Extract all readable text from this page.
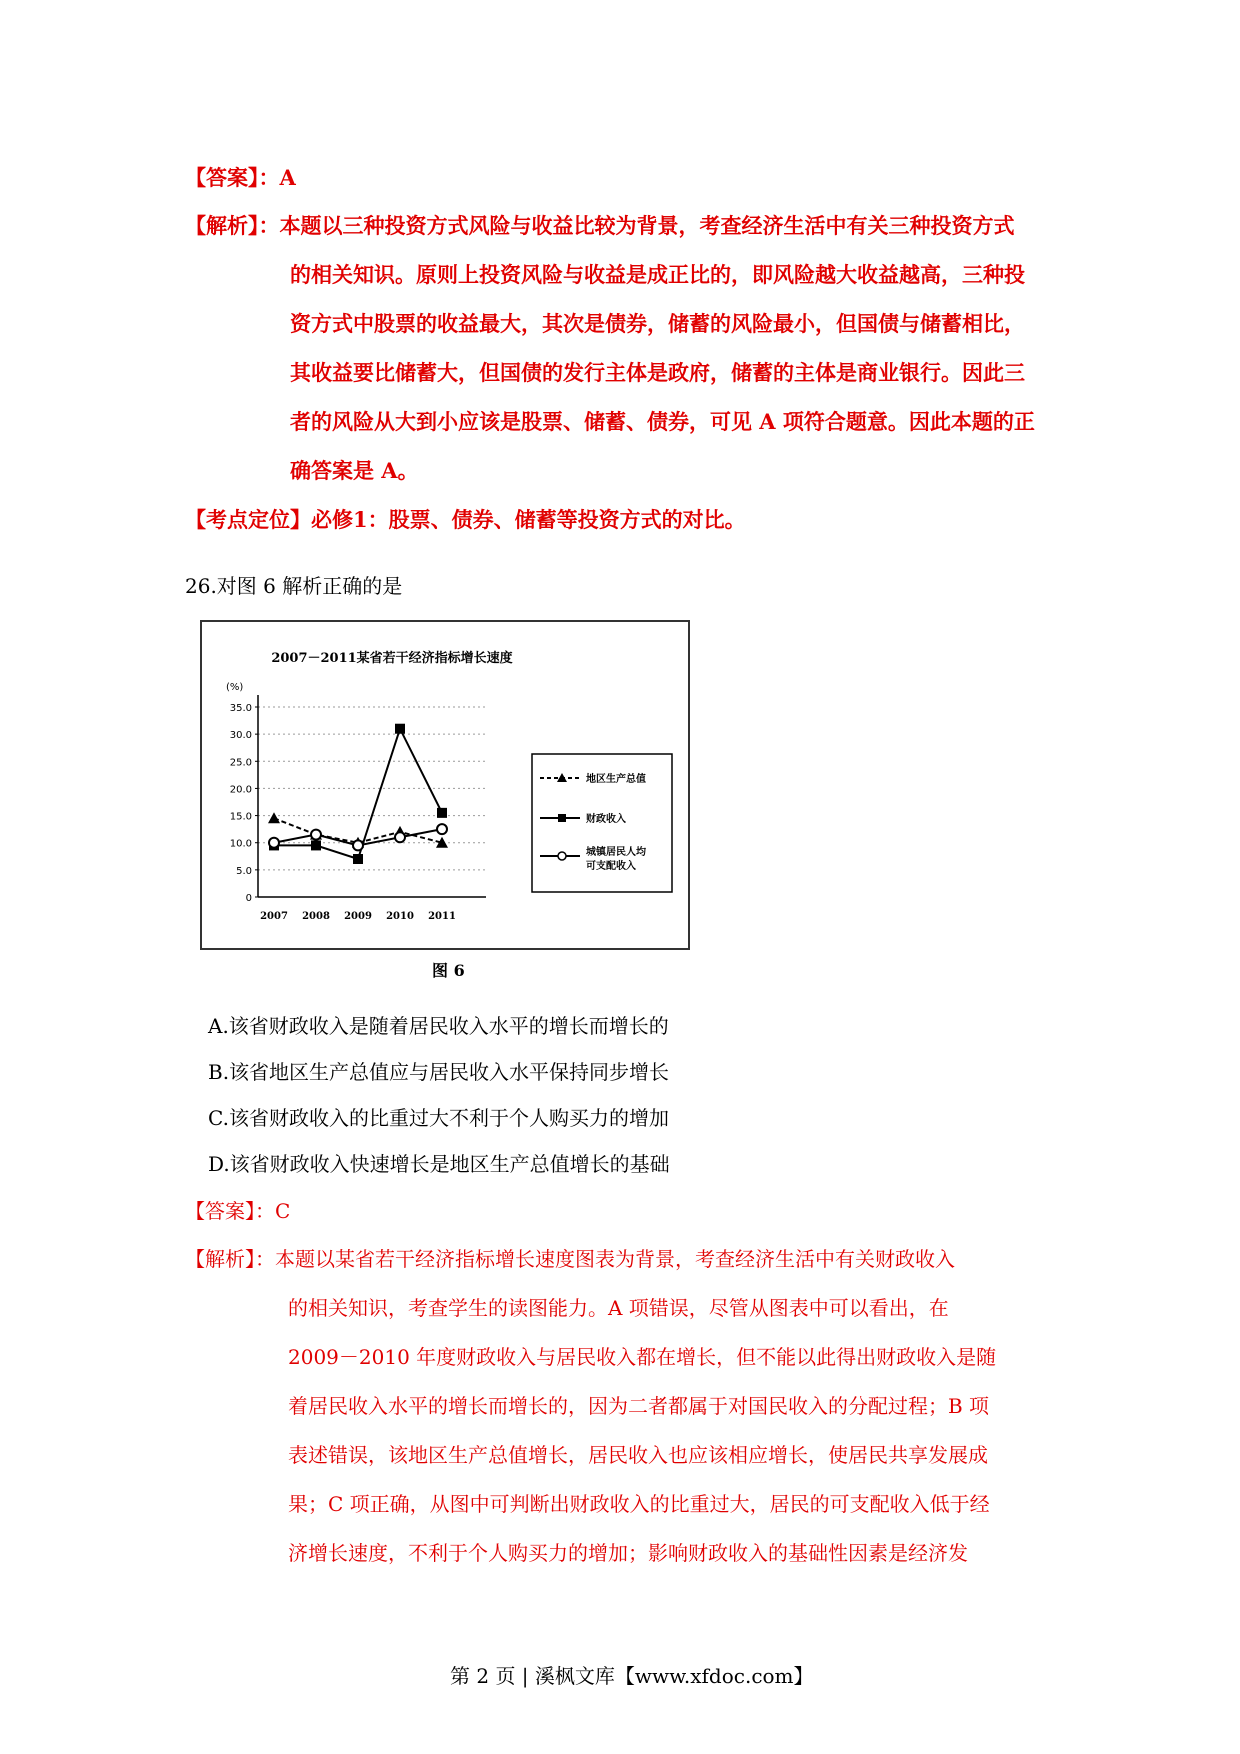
【答案】：A
【解析】：本题以三种投资方式风险与收益比较为背景，考查经济生活中有关三种投资方式
的相关知识。原则上投资风险与收益是成正比的，即风险越大收益越高，三种投
资方式中股票的收益最大，其次是债券，储蓄的风险最小，但国债与储蓄相比，
其收益要比储蓄大，但国债的发行主体是政府，储蓄的主体是商业银行。因此三
者的风险从大到小应该是股票、储蓄、债券，可见 A 项符合题意。因此本题的正
确答案是 A。
【考点定位】必修1：股票、债券、储蓄等投资方式的对比。
26.对图 6 解析正确的是
2007－2011某省若干经济指标增长速度
(%)
0
5.0
10.0
15.0
20.0
25.0
30.0
35.0
2007 2008 2009 2010 2011
地区生产总值
财政收入
城镇居民人均
可支配收入
图 6
A.该省财政收入是随着居民收入水平的增长而增长的
B.该省地区生产总值应与居民收入水平保持同步增长
C.该省财政收入的比重过大不利于个人购买力的增加
D.该省财政收入快速增长是地区生产总值增长的基础
【答案】：C
【解析】：本题以某省若干经济指标增长速度图表为背景，考查经济生活中有关财政收入
的相关知识，考查学生的读图能力。A 项错误，尽管从图表中可以看出，在
2009－2010 年度财政收入与居民收入都在增长，但不能以此得出财政收入是随
着居民收入水平的增长而增长的，因为二者都属于对国民收入的分配过程；B 项
表述错误，该地区生产总值增长，居民收入也应该相应增长，使居民共享发展成
果；C 项正确，从图中可判断出财政收入的比重过大，居民的可支配收入低于经
济增长速度，不利于个人购买力的增加；影响财政收入的基础性因素是经济发
第 2 页 | 溪枫文库【www.xfdoc.com】
